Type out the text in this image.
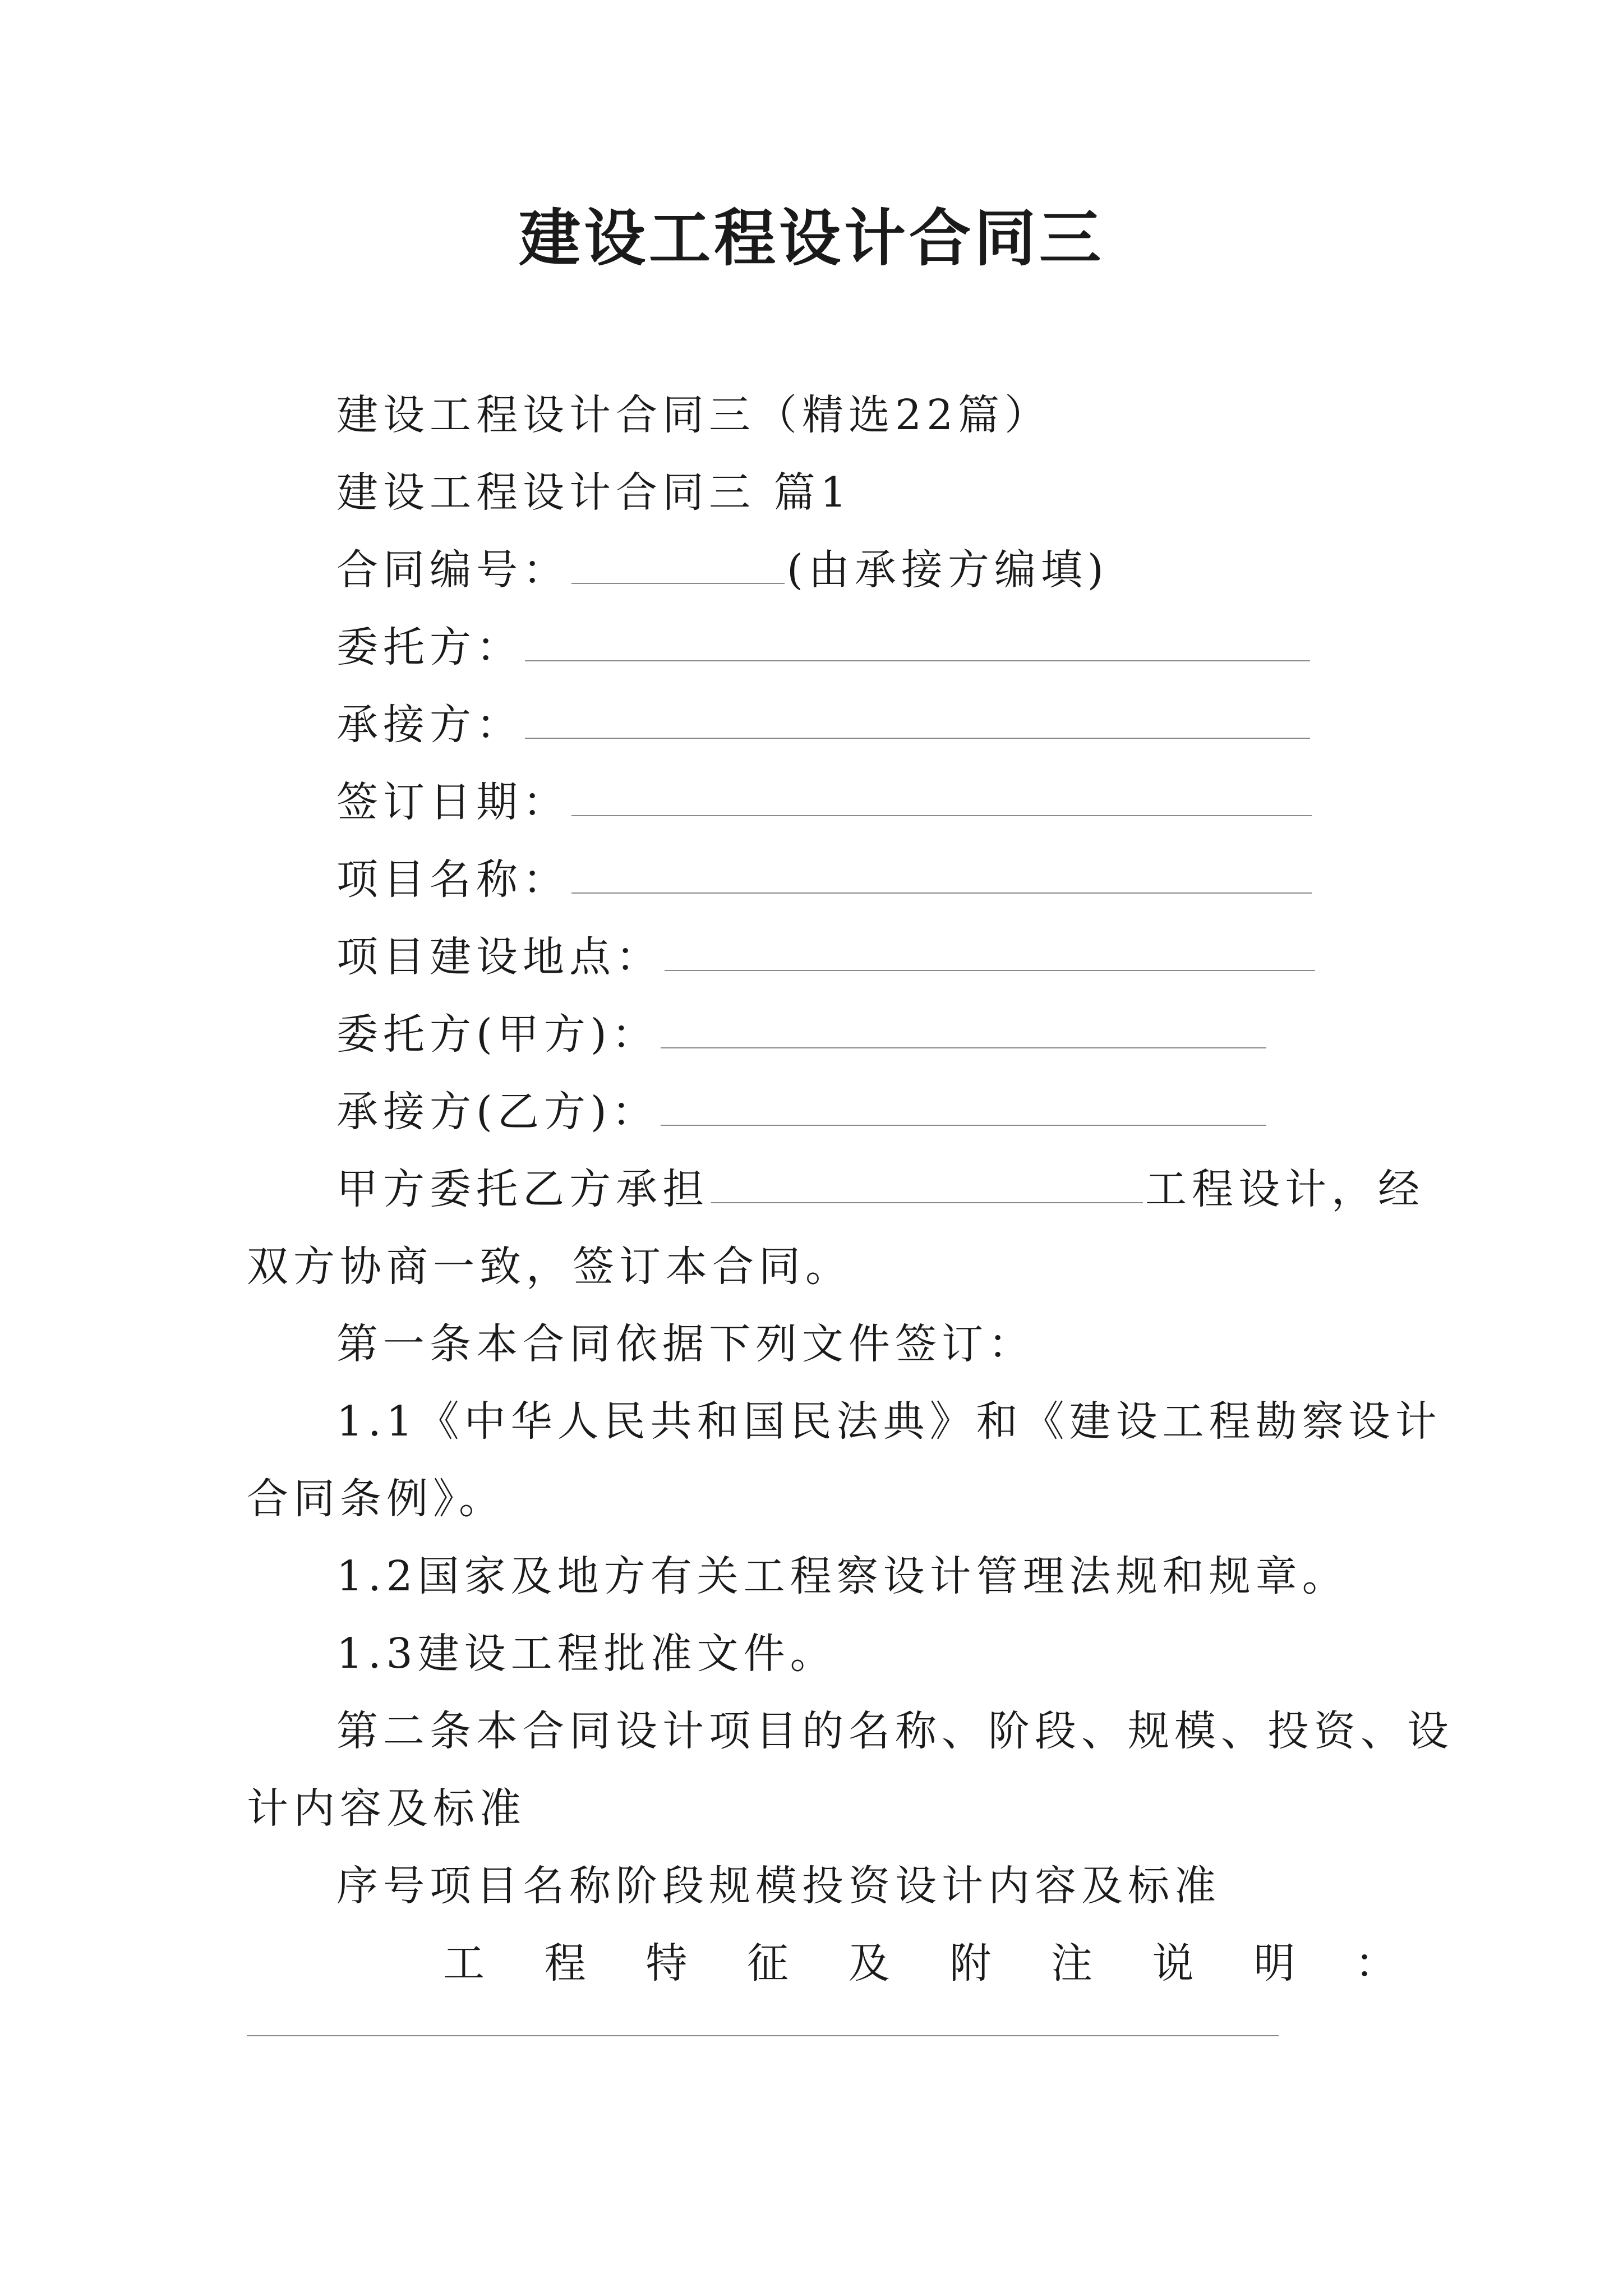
建设工程设计合同三
建设工程设计合同三（精选22篇）
建设工程设计合同三 篇1
合同编号：	(由承接方编填)
委托方：
承接方：
签订日期：
项目名称：
项目建设地点：
委托方(甲方)：
承接方(乙方)：
甲方委托乙方承担	工程设计，经
双方协商一致，签订本合同。
第一条本合同依据下列文件签订：
1.1《中华人民共和国民法典》和《建设工程勘察设计
合同条例》。
1.2国家及地方有关工程察设计管理法规和规章。
1.3建设工程批准文件。
第二条本合同设计项目的名称、阶段、规模、投资、设
计内容及标准
序号项目名称阶段规模投资设计内容及标准
工 程 特 征 及 附 注 说 明 ：
